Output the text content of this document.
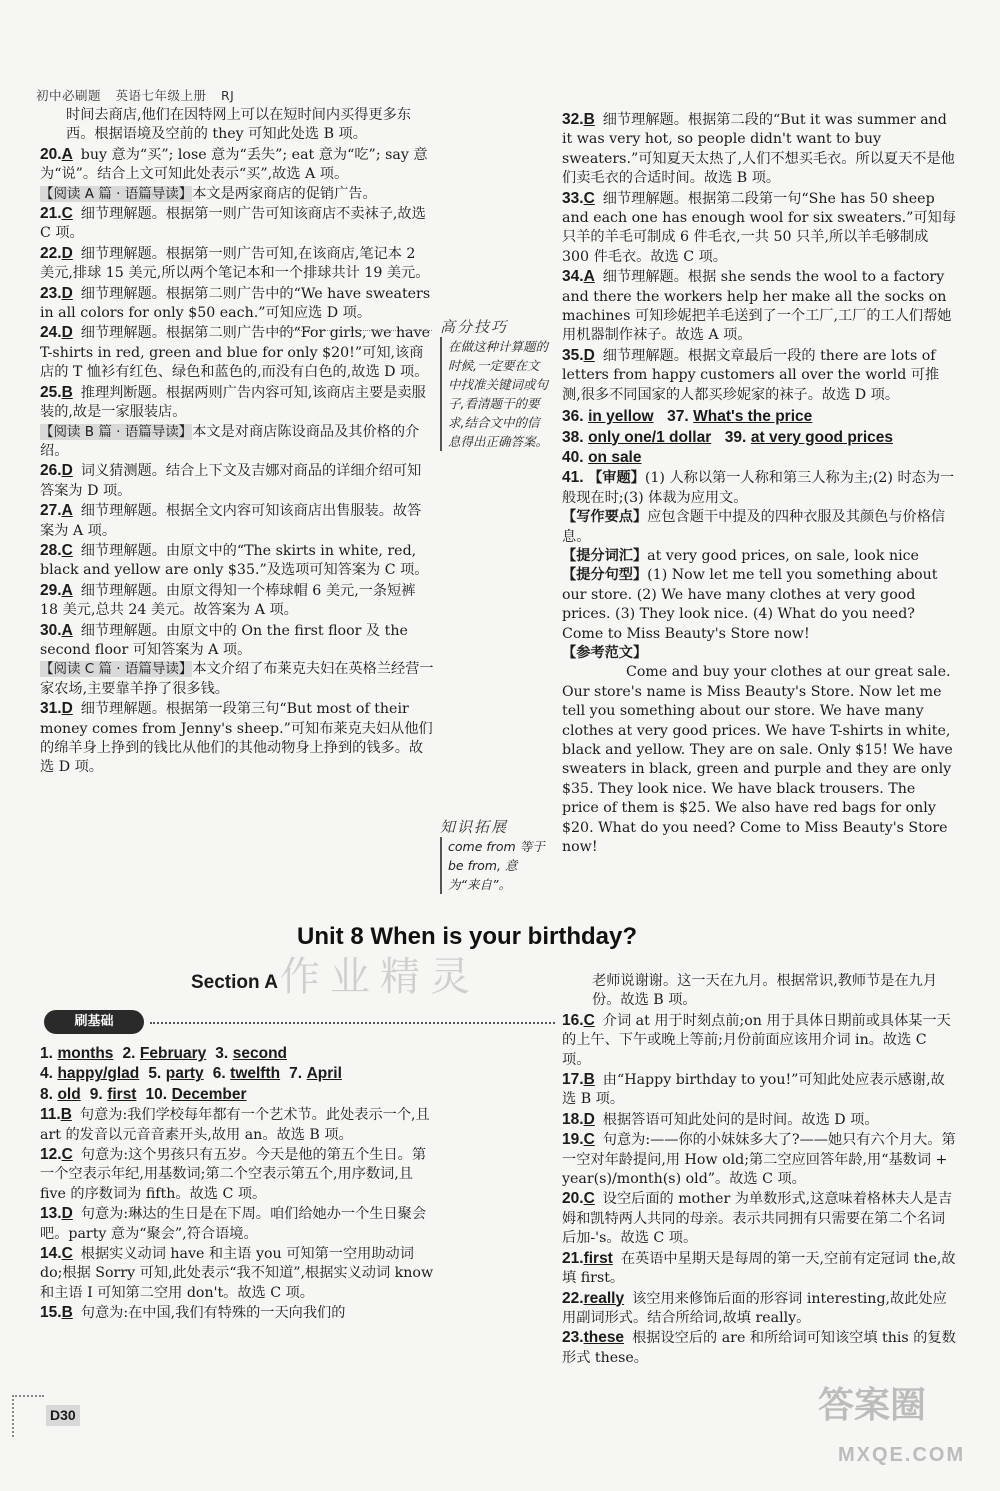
初中必刷题 英语七年级上册 RJ

时间去商店,他们在因特网上可以在短时间内买得更多东西。根据语境及空前的 they 可知此处选 B 项。

20.A buy 意为“买”; lose 意为“丢失”; eat 意为“吃”; say 意为“说”。结合上文可知此处表示“买”,故选 A 项。

【阅读 A 篇 · 语篇导读】本文是两家商店的促销广告。

21.C 细节理解题。根据第一则广告可知该商店不卖袜子,故选 C 项。

22.D 细节理解题。根据第一则广告可知,在该商店,笔记本 2 美元,排球 15 美元,所以两个笔记本和一个排球共计 19 美元。

23.D 细节理解题。根据第二则广告中的“We have sweaters in all colors for only $50 each.”可知应选 D 项。

24.D 细节理解题。根据第二则广告中的“For girls, we have T-shirts in red, green and blue for only $20!”可知,该商店的 T 恤衫有红色、绿色和蓝色的,而没有白色的,故选 D 项。

25.B 推理判断题。根据两则广告内容可知,该商店主要是卖服装的,故是一家服装店。

【阅读 B 篇 · 语篇导读】本文是对商店陈设商品及其价格的介绍。

26.D 词义猜测题。结合上下文及吉娜对商品的详细介绍可知答案为 D 项。

27.A 细节理解题。根据全文内容可知该商店出售服装。故答案为 A 项。

28.C 细节理解题。由原文中的“The skirts in white, red, black and yellow are only $35.”及选项可知答案为 C 项。

29.A 细节理解题。由原文得知一个棒球帽 6 美元,一条短裤 18 美元,总共 24 美元。故答案为 A 项。

30.A 细节理解题。由原文中的 On the first floor 及 the second floor 可知答案为 A 项。

【阅读 C 篇 · 语篇导读】本文介绍了布莱克夫妇在英格兰经营一家农场,主要靠羊挣了很多钱。

31.D 细节理解题。根据第一段第三句“But most of their money comes from Jenny's sheep.”可知布莱克夫妇从他们的绵羊身上挣到的钱比从他们的其他动物身上挣到的钱多。故选 D 项。

高分技巧
在做这种计算题的时候,一定要在文中找准关键词或句子,看清题干的要求,结合文中的信息得出正确答案。
知识拓展
come from 等于 be from, 意为“来自”。

32.B 细节理解题。根据第二段的“But it was summer and it was very hot, so people didn't want to buy sweaters.”可知夏天太热了,人们不想买毛衣。所以夏天不是他们卖毛衣的合适时间。故选 B 项。

33.C 细节理解题。根据第二段第一句“She has 50 sheep and each one has enough wool for six sweaters.”可知每只羊的羊毛可制成 6 件毛衣,一共 50 只羊,所以羊毛够制成 300 件毛衣。故选 C 项。

34.A 细节理解题。根据 she sends the wool to a factory and there the workers help her make all the socks on machines 可知珍妮把羊毛送到了一个工厂,工厂的工人们帮她用机器制作袜子。故选 A 项。

35.D 细节理解题。根据文章最后一段的 there are lots of letters from happy customers all over the world 可推测,很多不同国家的人都买珍妮家的袜子。故选 D 项。

36. in yellow 37. What's the price

38. only one/1 dollar 39. at very good prices

40. on sale

41. 【审题】(1) 人称以第一人称和第三人称为主;(2) 时态为一般现在时;(3) 体裁为应用文。

【写作要点】应包含题干中提及的四种衣服及其颜色与价格信息。

【提分词汇】at very good prices, on sale, look nice

【提分句型】(1) Now let me tell you something about our store. (2) We have many clothes at very good prices. (3) They look nice. (4) What do you need? Come to Miss Beauty's Store now!

【参考范文】

Come and buy your clothes at our great sale. Our store's name is Miss Beauty's Store. Now let me tell you something about our store. We have many clothes at very good prices. We have T-shirts in white, black and yellow. They are on sale. Only $15! We have sweaters in black, green and purple and they are only $35. They look nice. We have black trousers. The price of them is $25. We also have red bags for only $20. What do you need? Come to Miss Beauty's Store now!

Unit 8 When is your birthday?
Section A
刷基础

1. months 2. February 3. second

4. happy/glad 5. party 6. twelfth 7. April

8. old 9. first 10. December

11.B 句意为:我们学校每年都有一个艺术节。此处表示一个,且 art 的发音以元音音素开头,故用 an。故选 B 项。

12.C 句意为:这个男孩只有五岁。今天是他的第五个生日。第一个空表示年纪,用基数词;第二个空表示第五个,用序数词,且 five 的序数词为 fifth。故选 C 项。

13.D 句意为:琳达的生日是在下周。咱们给她办一个生日聚会吧。party 意为“聚会”,符合语境。

14.C 根据实义动词 have 和主语 you 可知第一空用助动词 do;根据 Sorry 可知,此处表示“我不知道”,根据实义动词 know 和主语 I 可知第二空用 don't。故选 C 项。

15.B 句意为:在中国,我们有特殊的一天向我们的

老师说谢谢。这一天在九月。根据常识,教师节是在九月份。故选 B 项。

16.C 介词 at 用于时刻点前;on 用于具体日期前或具体某一天的上午、下午或晚上等前;月份前面应该用介词 in。故选 C 项。

17.B 由“Happy birthday to you!”可知此处应表示感谢,故选 B 项。

18.D 根据答语可知此处问的是时间。故选 D 项。

19.C 句意为:——你的小妹妹多大了?——她只有六个月大。第一空对年龄提问,用 How old;第二空应回答年龄,用“基数词 + year(s)/month(s) old”。故选 C 项。

20.C 设空后面的 mother 为单数形式,这意味着格林夫人是吉姆和凯特两人共同的母亲。表示共同拥有只需要在第二个名词后加-'s。故选 C 项。

21.first 在英语中星期天是每周的第一天,空前有定冠词 the,故填 first。

22.really 该空用来修饰后面的形容词 interesting,故此处应用副词形式。结合所给词,故填 really。

23.these 根据设空后的 are 和所给词可知该空填 this 的复数形式 these。

作业精灵
D30	答案圈
MXQE.COM
